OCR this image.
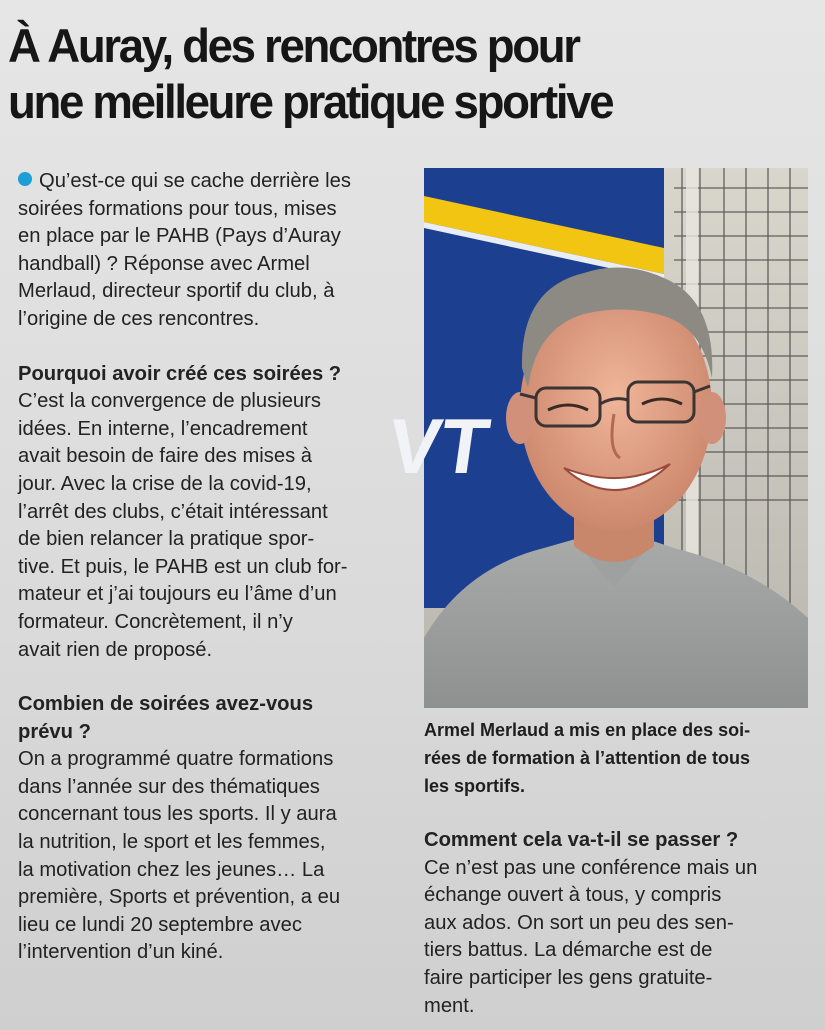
À Auray, des rencontres pour
une meilleure pratique sportive
Qu’est-ce qui se cache derrière les
soirées formations pour tous, mises
en place par le PAHB (Pays d’Auray
handball) ? Réponse avec Armel
Merlaud, directeur sportif du club, à
l’origine de ces rencontres.
Pourquoi avoir créé ces soirées ?
C’est la convergence de plusieurs
idées. En interne, l’encadrement
avait besoin de faire des mises à
jour. Avec la crise de la covid-19,
l’arrêt des clubs, c’était intéressant
de bien relancer la pratique spor-
tive. Et puis, le PAHB est un club for-
mateur et j’ai toujours eu l’âme d’un
formateur. Concrètement, il n’y
avait rien de proposé.
Combien de soirées avez-vous
prévu ?
On a programmé quatre formations
dans l’année sur des thématiques
concernant tous les sports. Il y aura
la nutrition, le sport et les femmes,
la motivation chez les jeunes… La
première, Sports et prévention, a eu
lieu ce lundi 20 septembre avec
l’intervention d’un kiné.
VT
Armel Merlaud a mis en place des soi-
rées de formation à l’attention de tous
les sportifs.
Comment cela va-t-il se passer ?
Ce n’est pas une conférence mais un
échange ouvert à tous, y compris
aux ados. On sort un peu des sen-
tiers battus. La démarche est de
faire participer les gens gratuite-
ment.
